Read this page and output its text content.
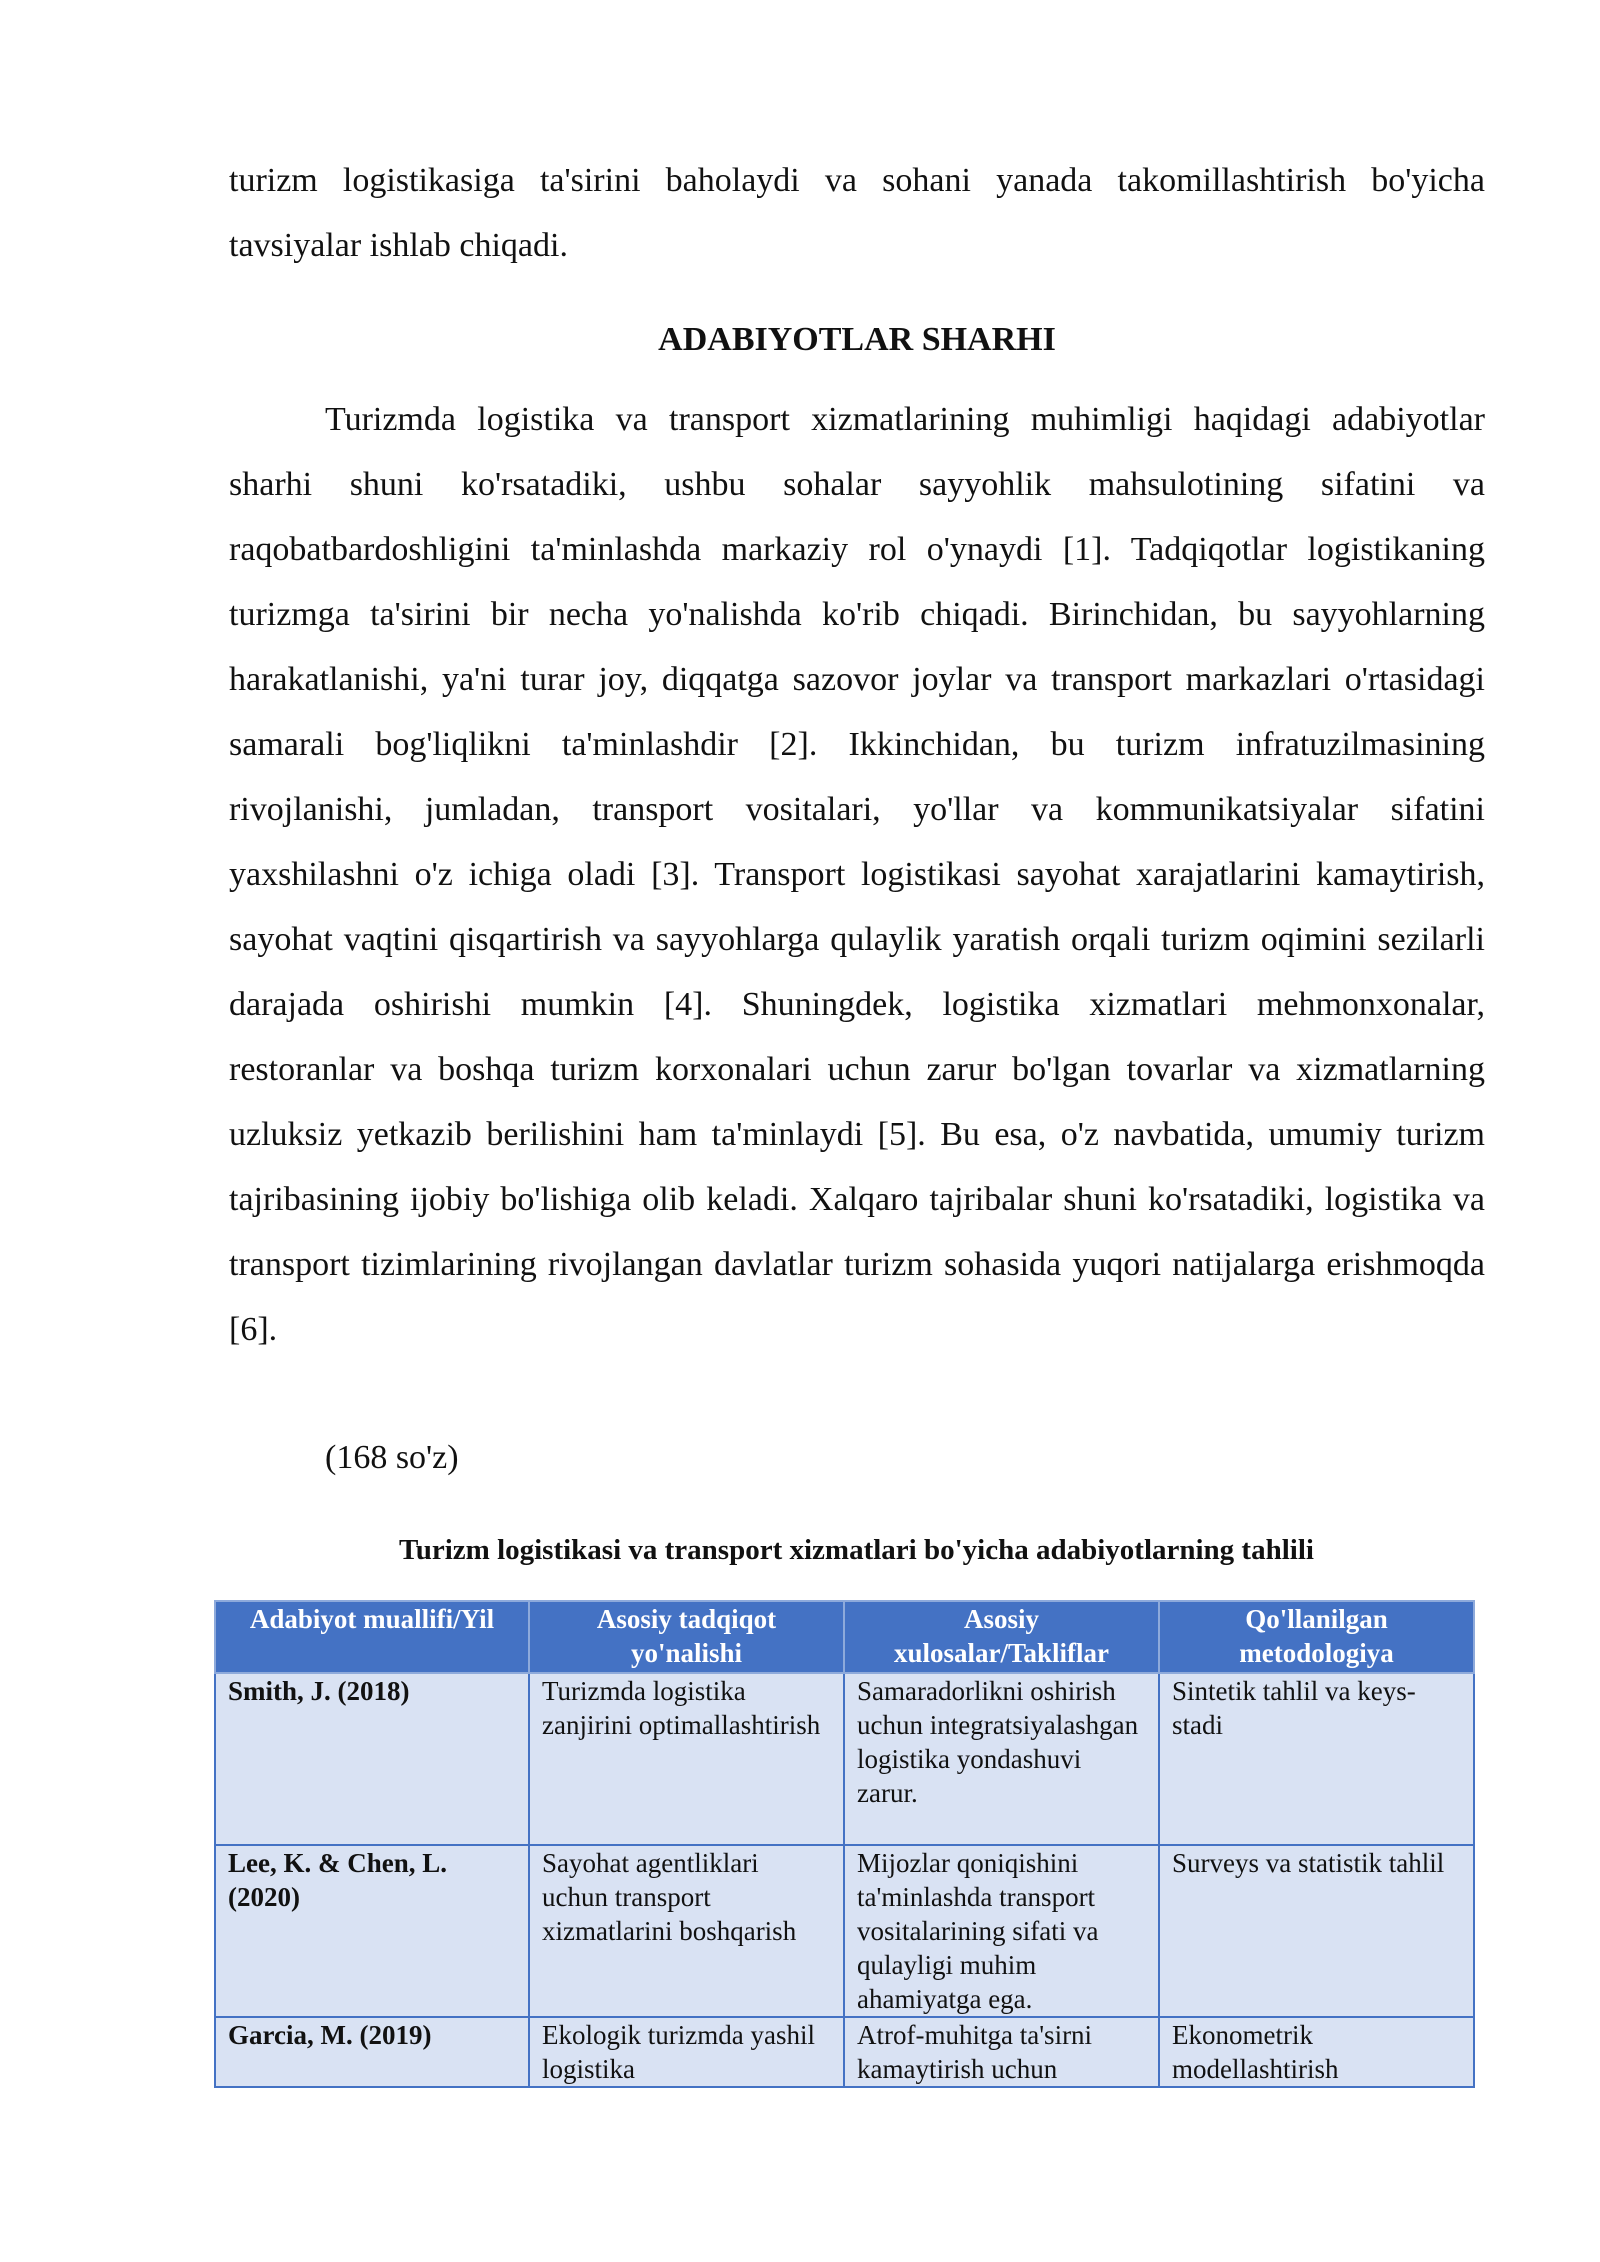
turizm logistikasiga ta'sirini baholaydi va sohani yanada takomillashtirish bo'yicha tavsiyalar ishlab chiqadi.

ADABIYOTLAR SHARHI

Turizmda logistika va transport xizmatlarining muhimligi haqidagi adabiyotlar sharhi shuni ko'rsatadiki, ushbu sohalar sayyohlik mahsulotining sifatini va raqobatbardoshligini ta'minlashda markaziy rol o'ynaydi [1]. Tadqiqotlar logistikaning turizmga ta'sirini bir necha yo'nalishda ko'rib chiqadi. Birinchidan, bu sayyohlarning harakatlanishi, ya'ni turar joy, diqqatga sazovor joylar va transport markazlari o'rtasidagi samarali bog'liqlikni ta'minlashdir [2]. Ikkinchidan, bu turizm infratuzilmasining rivojlanishi, jumladan, transport vositalari, yo'llar va kommunikatsiyalar sifatini yaxshilashni o'z ichiga oladi [3]. Transport logistikasi sayohat xarajatlarini kamaytirish, sayohat vaqtini qisqartirish va sayyohlarga qulaylik yaratish orqali turizm oqimini sezilarli darajada oshirishi mumkin [4]. Shuningdek, logistika xizmatlari mehmonxonalar, restoranlar va boshqa turizm korxonalari uchun zarur bo'lgan tovarlar va xizmatlarning uzluksiz yetkazib berilishini ham ta'minlaydi [5]. Bu esa, o'z navbatida, umumiy turizm tajribasining ijobiy bo'lishiga olib keladi. Xalqaro tajribalar shuni ko'rsatadiki, logistika va transport tizimlarining rivojlangan davlatlar turizm sohasida yuqori natijalarga erishmoqda [6].

(168 so'z)

Turizm logistikasi va transport xizmatlari bo'yicha adabiyotlarning tahlili
Adabiyot muallifi/Yil	Asosiy tadqiqot yo'nalishi	Asosiy xulosalar/Takliflar	Qo'llanilgan metodologiya
Smith, J. (2018)	Turizmda logistika zanjirini optimallashtirish	Samaradorlikni oshirish uchun integratsiyalashgan logistika yondashuvi zarur.	Sintetik tahlil va keys-stadi
Lee, K. & Chen, L. (2020)	Sayohat agentliklari uchun transport xizmatlarini boshqarish	Mijozlar qoniqishini ta'minlashda transport vositalarining sifati va qulayligi muhim ahamiyatga ega.	Surveys va statistik tahlil
Garcia, M. (2019)	Ekologik turizmda yashil logistika	Atrof-muhitga ta'sirni kamaytirish uchun	Ekonometrik modellashtirish
